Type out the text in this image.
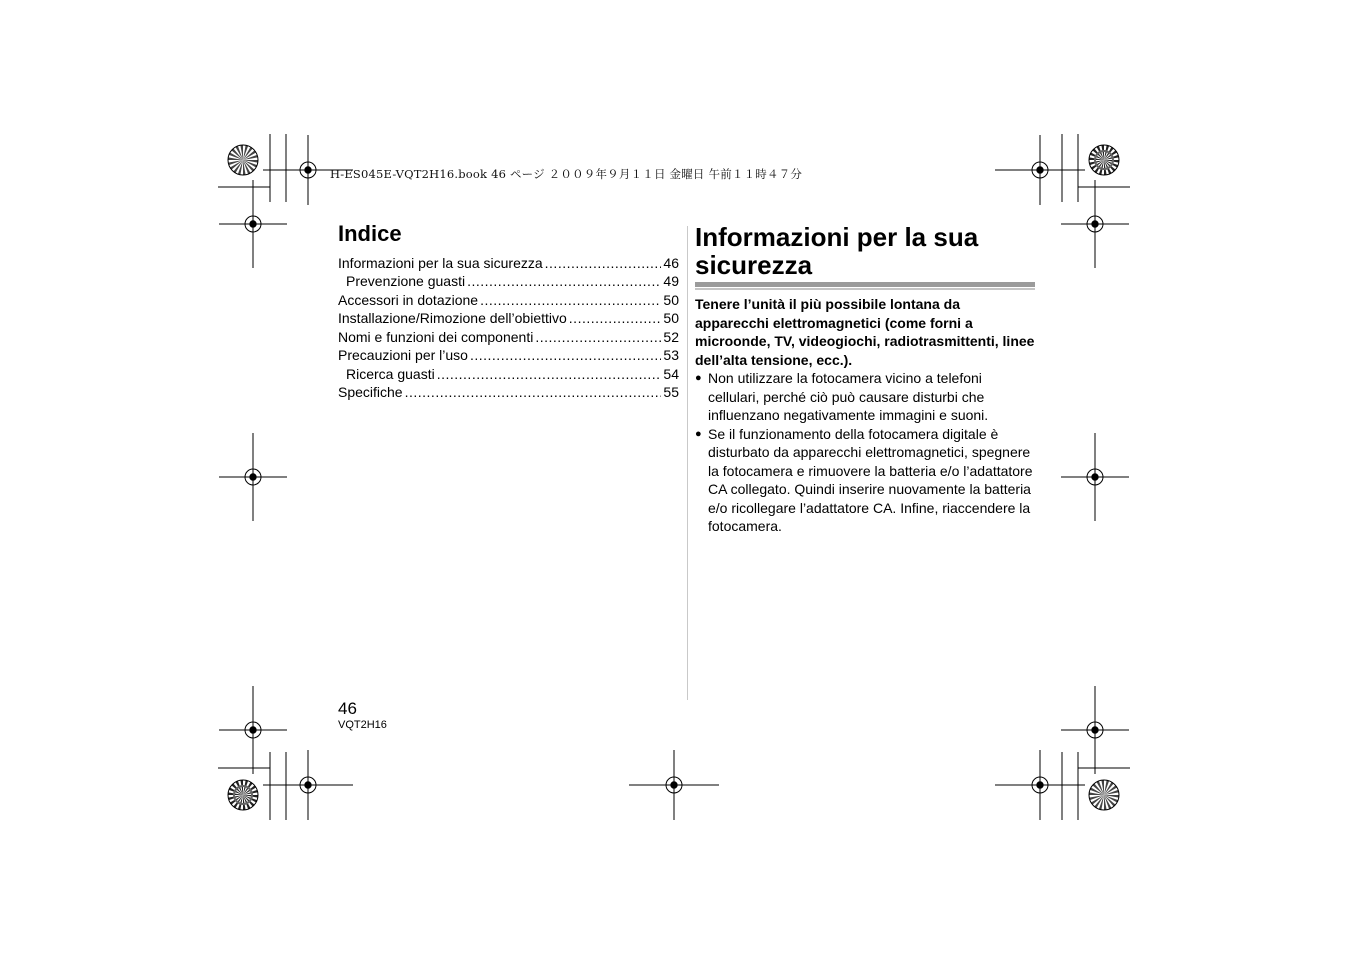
H-ES045E-VQT2H16.book 46 ページ ２００９年９月１１日 金曜日 午前１１時４７分
Indice
Informazioni per la sua sicurezza .....	46
Prevenzione guasti .....	49
Accessori in dotazione .....	50
Installazione/Rimozione dell’obiettivo .....	50
Nomi e funzioni dei componenti .....	52
Precauzioni per l’uso .....	53
Ricerca guasti .....	54
Specifiche .....	55
Informazioni per la sua sicurezza
Tenere l’unità il più possibile lontana da apparecchi elettromagnetici (come forni a microonde, TV, videogiochi, radiotrasmittenti, linee dell’alta tensione, ecc.).
● Non utilizzare la fotocamera vicino a telefoni cellulari, perché ciò può causare disturbi che influenzano negativamente immagini e suoni.
● Se il funzionamento della fotocamera digitale è disturbato da apparecchi elettromagnetici, spegnere la fotocamera e rimuovere la batteria e/o l’adattatore CA collegato. Quindi inserire nuovamente la batteria e/o ricollegare l’adattatore CA. Infine, riaccendere la fotocamera.
46
VQT2H16
